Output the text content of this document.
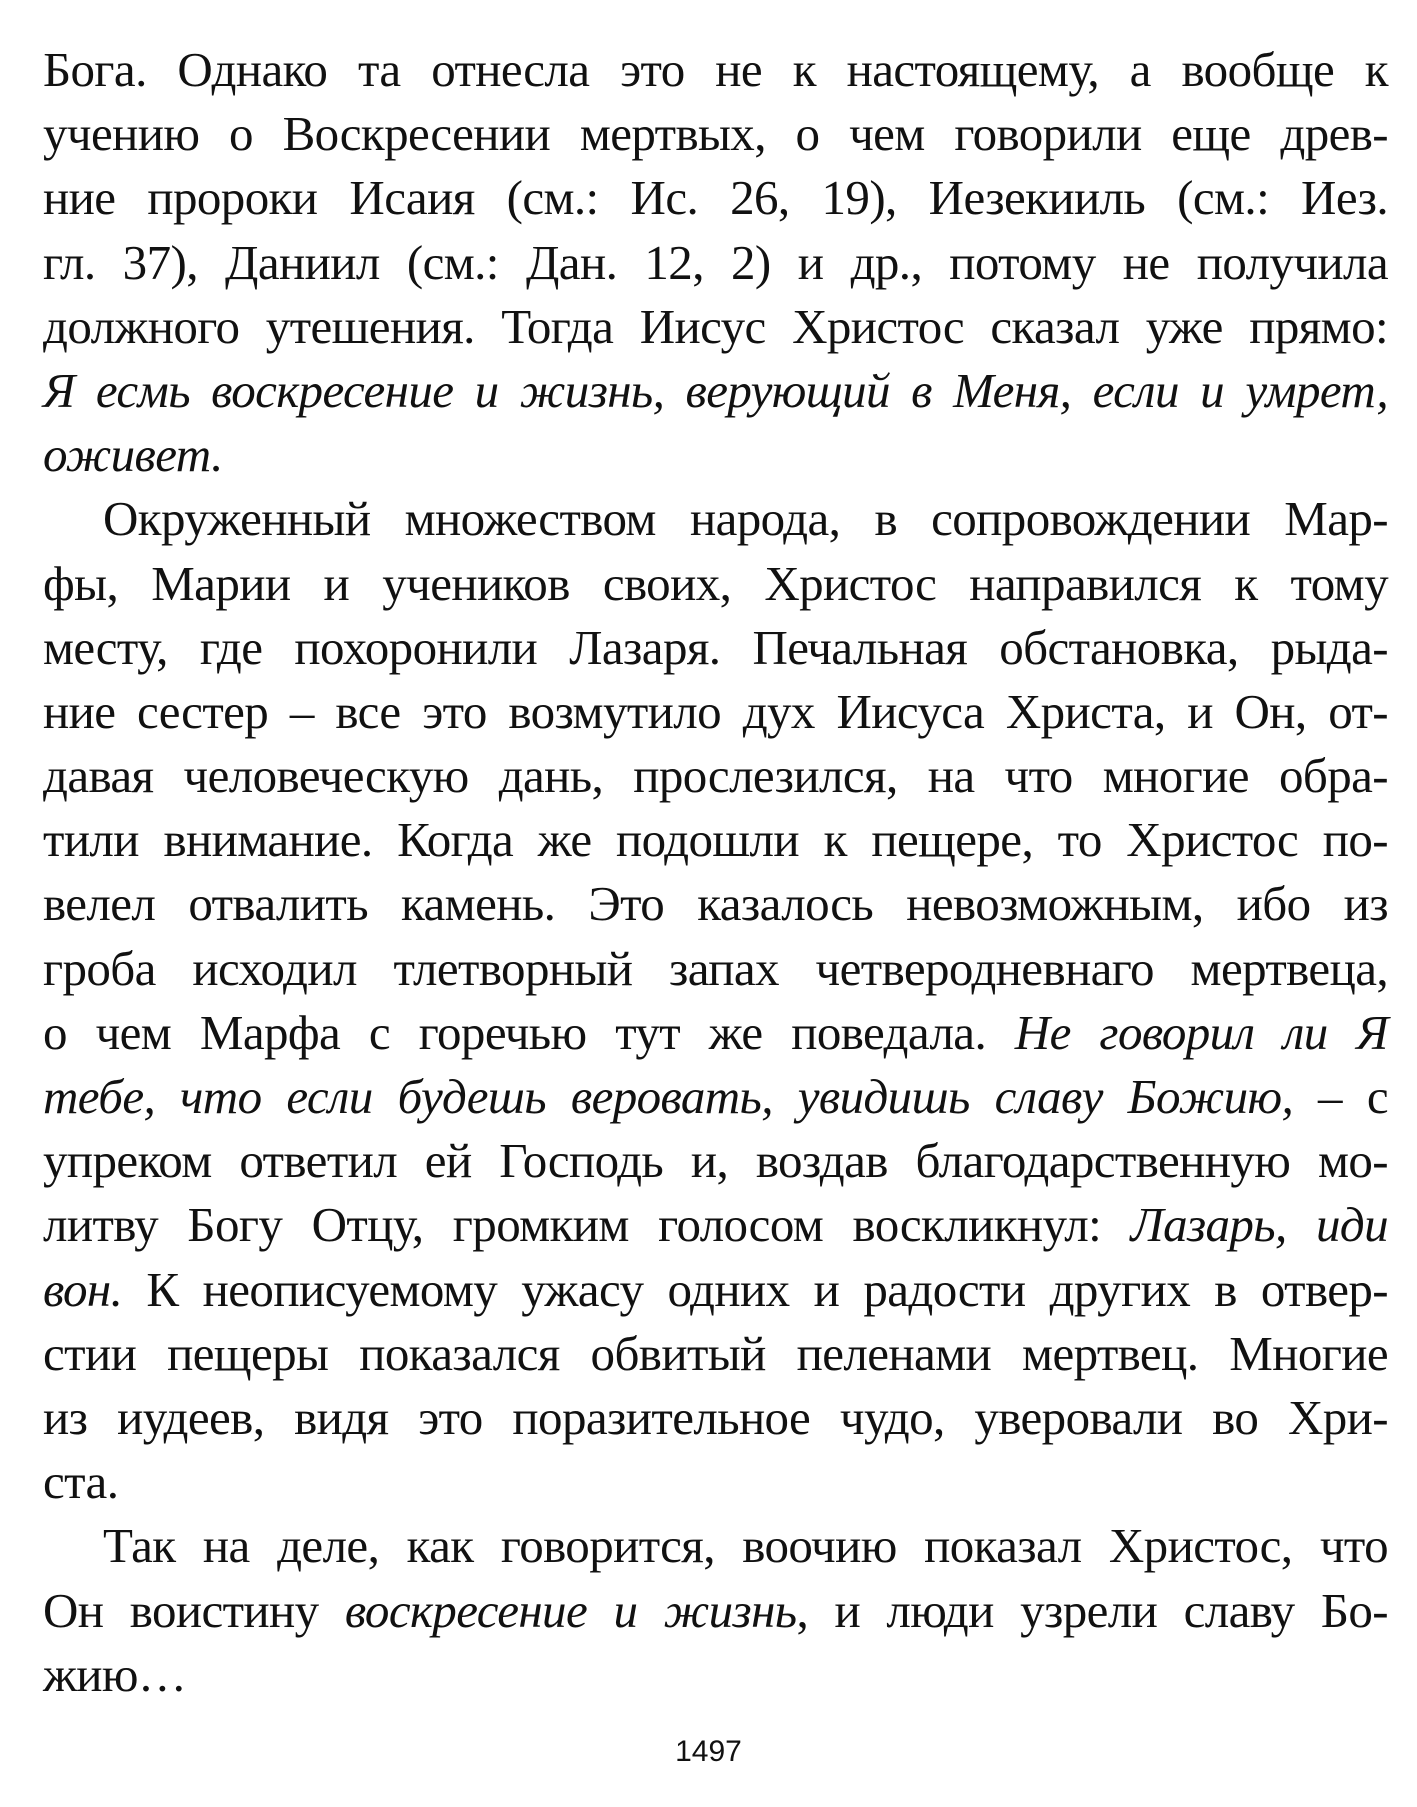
Бога. Однако та отнесла это не к настоящему, а вообще к
учению о Воскресении мертвых, о чем говорили еще древ-
ние пророки Исаия (см.: Ис. 26, 19), Иезекииль (см.: Иез.
гл. 37), Даниил (см.: Дан. 12, 2) и др., потому не получила
должного утешения. Тогда Иисус Христос сказал уже прямо:
Я есмь воскресение и жизнь, верующий в Меня, если и умрет,
оживет.
Окруженный множеством народа, в сопровождении Мар-
фы, Марии и учеников своих, Христос направился к тому
месту, где похоронили Лазаря. Печальная обстановка, рыда-
ние сестер – все это возмутило дух Иисуса Христа, и Он, от-
давая человеческую дань, прослезился, на что многие обра-
тили внимание. Когда же подошли к пещере, то Христос по-
велел отвалить камень. Это казалось невозможным, ибо из
гроба исходил тлетворный запах четверодневнаго мертвеца,
о чем Марфа с горечью тут же поведала. Не говорил ли Я
тебе, что если будешь веровать, увидишь славу Божию, – с
упреком ответил ей Господь и, воздав благодарственную мо-
литву Богу Отцу, громким голосом воскликнул: Лазарь, иди
вон. К неописуемому ужасу одних и радости других в отвер-
стии пещеры показался обвитый пеленами мертвец. Многие
из иудеев, видя это поразительное чудо, уверовали во Хри-
ста.
Так на деле, как говорится, воочию показал Христос, что
Он воистину воскресение и жизнь, и люди узрели славу Бо-
жию…
1497
